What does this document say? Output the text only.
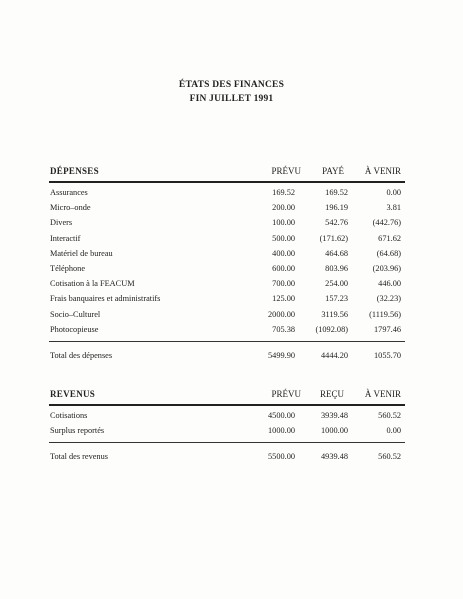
ÉTATS DES FINANCES
FIN JUILLET 1991
DÉPENSES	PRÉVU PAYÉ À VENIR
Assurances	169.52	169.52	0.00
Micro–onde	200.00	196.19	3.81
Divers	100.00	542.76	(442.76)
Interactif	500.00	(171.62)	671.62
Matériel de bureau	400.00	464.68	(64.68)
Téléphone	600.00	803.96	(203.96)
Cotisation à la FEACUM	700.00	254.00	446.00
Frais banquaires et administratifs	125.00	157.23	(32.23)
Socio–Culturel	2000.00	3119.56	(1119.56)
Photocopieuse	705.38 (1092.08)	1797.46
Total des dépenses	5499.90	4444.20	1055.70
REVENUS	PRÉVU REÇU À VENIR
Cotisations	4500.00	3939.48	560.52
Surplus reportés	1000.00	1000.00	0.00
Total des revenus	5500.00	4939.48	560.52
